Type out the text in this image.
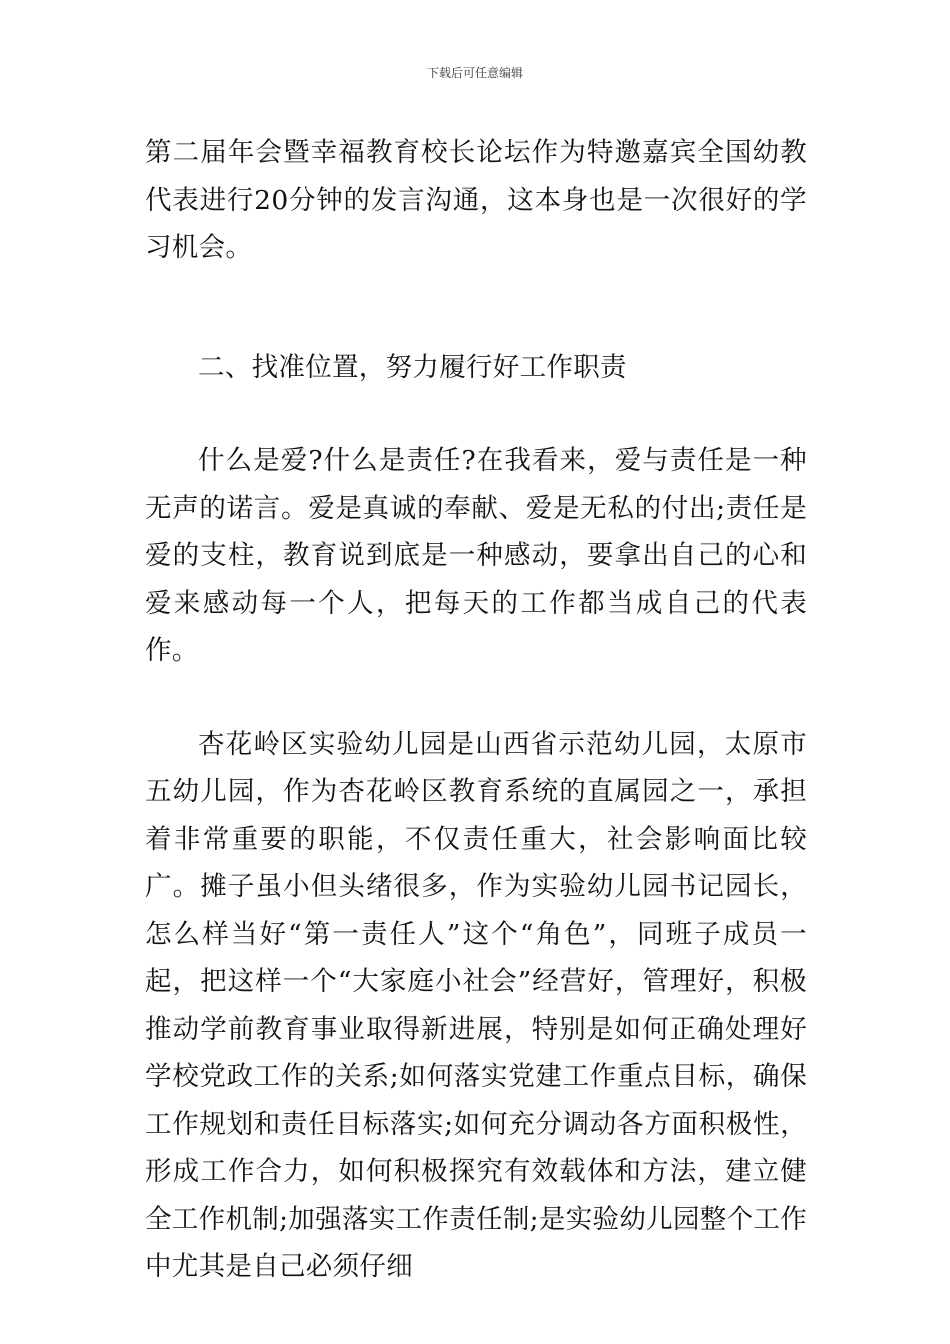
下载后可任意编辑

第二届年会暨幸福教育校长论坛作为特邀嘉宾全国幼教代表进行20分钟的发言沟通，这本身也是一次很好的学习机会。

二、找准位置，努力履行好工作职责

什么是爱?什么是责任?在我看来，爱与责任是一种无声的诺言。爱是真诚的奉献、爱是无私的付出;责任是爱的支柱，教育说到底是一种感动，要拿出自己的心和爱来感动每一个人，把每天的工作都当成自己的代表作。

杏花岭区实验幼儿园是山西省示范幼儿园，太原市五幼儿园，作为杏花岭区教育系统的直属园之一，承担着非常重要的职能，不仅责任重大，社会影响面比较广。摊子虽小但头绪很多，作为实验幼儿园书记园长，怎么样当好“第一责任人”这个“角色”，同班子成员一起，把这样一个“大家庭小社会”经营好，管理好，积极推动学前教育事业取得新进展，特别是如何正确处理好学校党政工作的关系;如何落实党建工作重点目标，确保工作规划和责任目标落实;如何充分调动各方面积极性，形成工作合力，如何积极探究有效载体和方法，建立健全工作机制;加强落实工作责任制;是实验幼儿园整个工作中尤其是自己必须仔细
